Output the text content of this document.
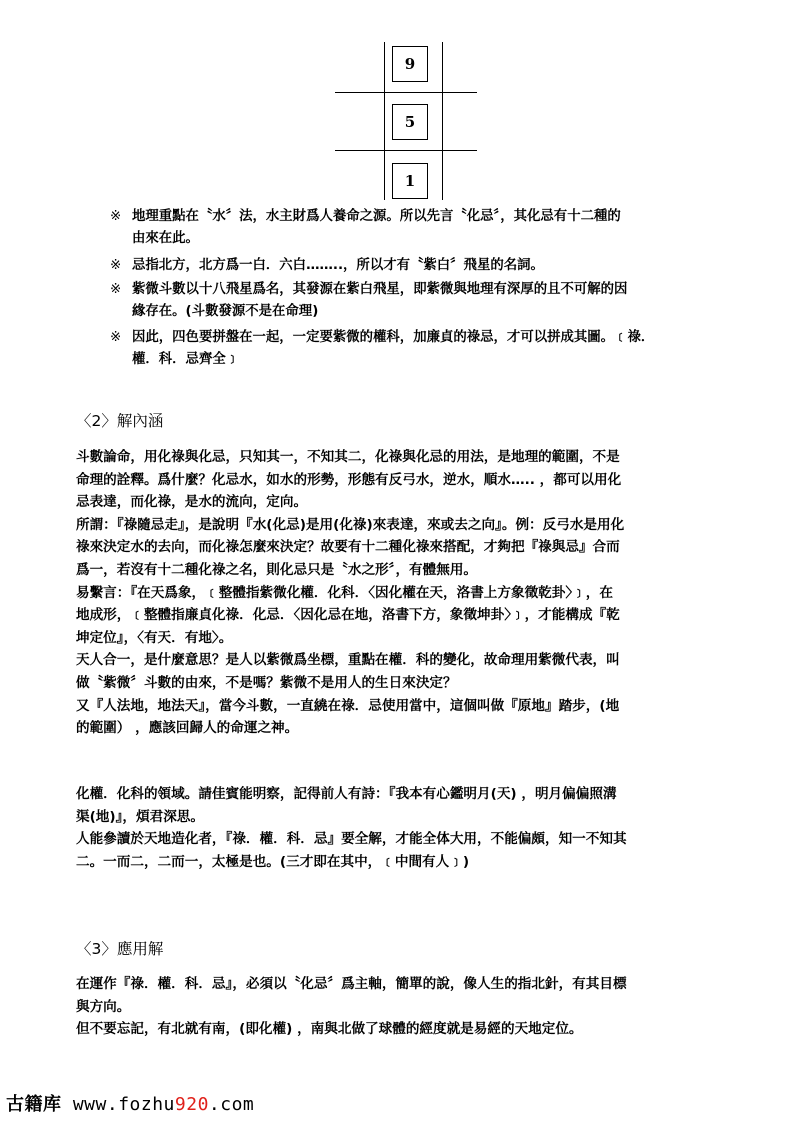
9
5
1
※ 地理重點在〝水〞法，水主財爲人養命之源。所以先言〝化忌〞，其化忌有十二種的
由來在此。
※ 忌指北方，北方爲一白．六白……..，所以才有〝紫白〞飛星的名詞。
※ 紫微斗數以十八飛星爲名，其發源在紫白飛星，即紫微與地理有深厚的且不可解的因
緣存在。(斗數發源不是在命理)
※ 因此，四色要拼盤在一起，一定要紫微的權科，加廉貞的祿忌，才可以拼成其圖。﹝祿．
權．科．忌齊全﹞
〈2〉解內涵
斗數論命，用化祿與化忌，只知其一，不知其二，化祿與化忌的用法，是地理的範圍，不是
命理的詮釋。爲什麼？化忌水，如水的形勢，形態有反弓水，逆水，順水….. ，都可以用化
忌表達，而化祿，是水的流向，定向。
所謂：『祿隨忌走』，是說明『水(化忌)是用(化祿)來表達，來或去之向』。例：反弓水是用化
祿來決定水的去向，而化祿怎麼來決定？故要有十二種化祿來搭配，才夠把『祿與忌』合而
爲一，若沒有十二種化祿之名，則化忌只是〝水之形〞，有體無用。
易繫言：『在天爲象，﹝整體指紫微化權．化科．〈因化權在天，洛書上方象徵乾卦〉﹞，在
地成形，﹝整體指廉貞化祿．化忌．〈因化忌在地，洛書下方，象徵坤卦〉﹞，才能構成『乾
坤定位』，〈有天．有地〉。
天人合一，是什麼意思？是人以紫微爲坐標，重點在權．科的變化，故命理用紫微代表，叫
做〝紫微〞斗數的由來，不是嗎？紫微不是用人的生日來決定？
又『人法地，地法天』，當今斗數，一直繞在祿．忌使用當中，這個叫做『原地』踏步，(地
的範圍） ，應該回歸人的命運之神。
化權．化科的領域。請佳賓能明察，記得前人有詩：『我本有心鑑明月(天) ，明月偏偏照溝
渠(地)』，煩君深思。
人能參讀於天地造化者，『祿．權．科．忌』要全解，才能全体大用，不能偏頗，知一不知其
二。一而二，二而一，太極是也。(三才即在其中，﹝中間有人﹞)
〈3〉應用解
在運作『祿．權．科．忌』，必須以〝化忌〞爲主軸，簡單的說，像人生的指北針，有其目標
與方向。
但不要忘記，有北就有南，(即化權) ，南與北做了球體的經度就是易經的天地定位。
古籍库 www.fozhu920.com
